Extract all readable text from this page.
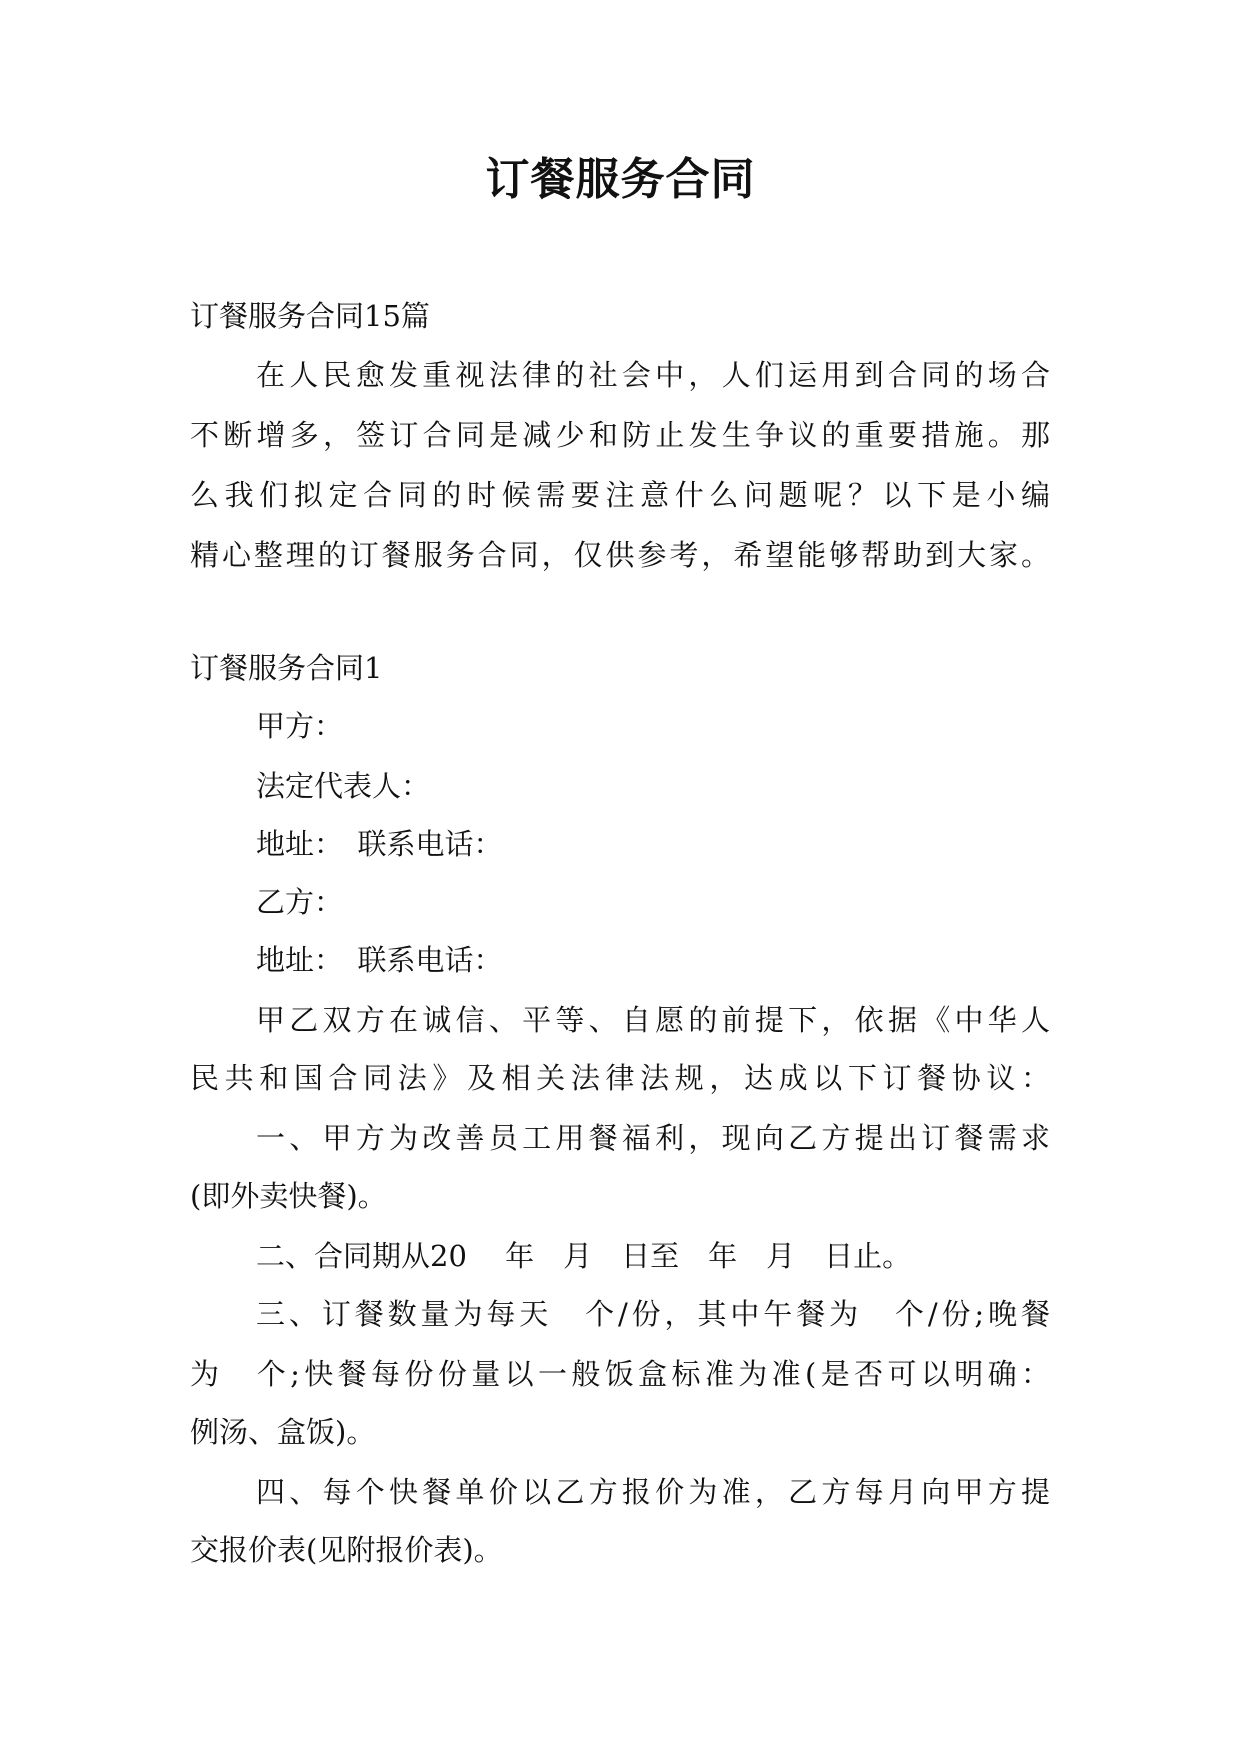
订餐服务合同
订餐服务合同15篇
在人民愈发重视法律的社会中，人们运用到合同的场合
不断增多，签订合同是减少和防止发生争议的重要措施。那
么我们拟定合同的时候需要注意什么问题呢？以下是小编
精心整理的订餐服务合同，仅供参考，希望能够帮助到大家。
订餐服务合同1
甲方：
法定代表人：
地址：　联系电话：
乙方：
地址：　联系电话：
甲乙双方在诚信、平等、自愿的前提下，依据《中华人
民共和国合同法》及相关法律法规，达成以下订餐协议：
一、甲方为改善员工用餐福利，现向乙方提出订餐需求
(即外卖快餐)。
二、合同期从20　 年　月　日至　年　月　日止。
三、订餐数量为每天　个/份，其中午餐为　个/份;晚餐
为　个;快餐每份份量以一般饭盒标准为准(是否可以明确：
例汤、盒饭)。
四、每个快餐单价以乙方报价为准，乙方每月向甲方提
交报价表(见附报价表)。
